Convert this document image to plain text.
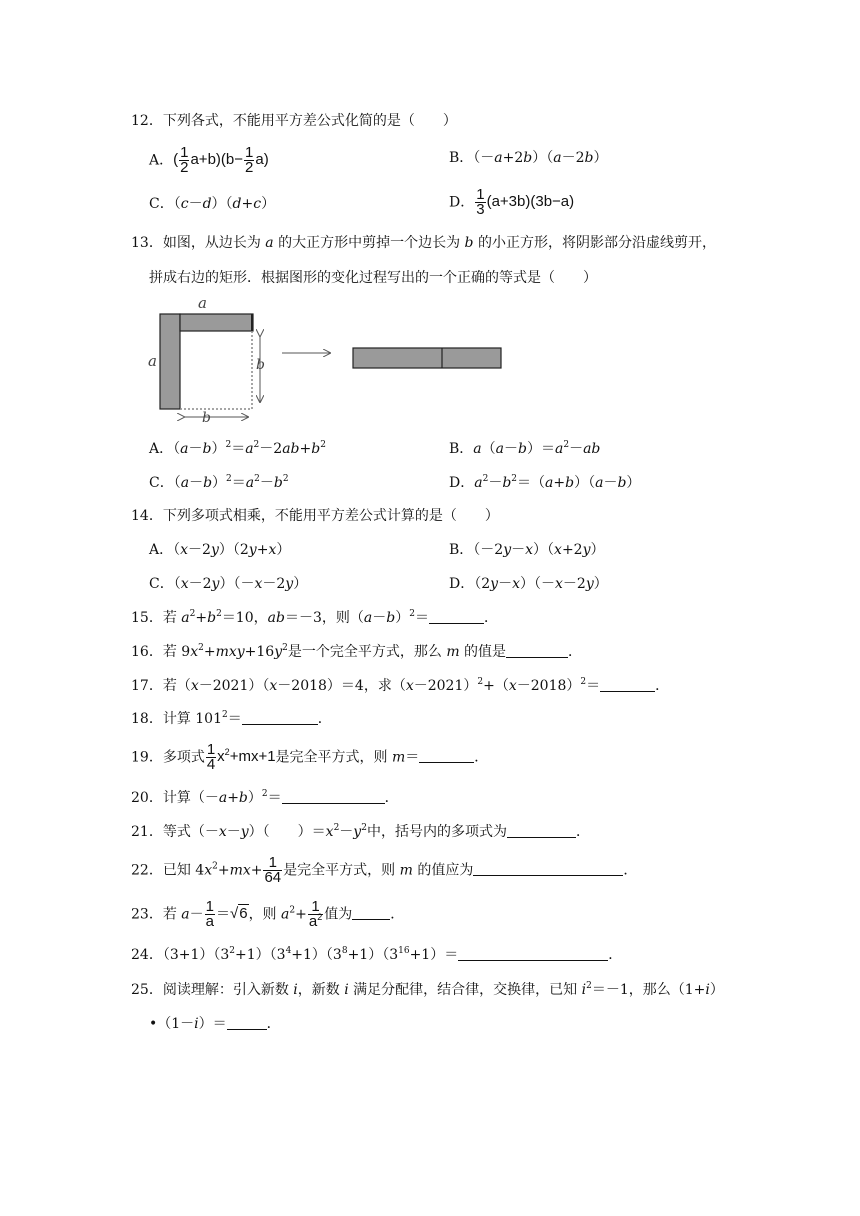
12．下列各式，不能用平方差公式化简的是（　　）
A．( $\frac{1}{2} a+b)(b- \frac{1}{2} a)$	B．（－a+2b）（a－2b）
C．（c－d）（d+c）	D． $\frac{1}{3} (a+3b)(3b-a)$
13．如图，从边长为 a 的大正方形中剪掉一个边长为 b 的小正方形，将阴影部分沿虚线剪开，
拼成右边的矩形．根据图形的变化过程写出的一个正确的等式是（　　）
a
a	b
b
A．$(a-b)^2=a^2-2ab+b^2$	B．$a(a-b)=a^2-ab$
C．$(a-b)^2=a^2-b^2$	D．$a^2-b^2=(a+b)(a-b)$
14．下列多项式相乘，不能用平方差公式计算的是（　　）
A．（x－2y）（2y+x）	B．（－2y－x）（x+2y）
C．（x－2y）（－x－2y）	D．（2y－x）（－x－2y）
15．若 $a^2+b^2=10$，ab＝－3，则$(a-b)^2=$	．
16．若 $9x^2+mxy+16y^2$是一个完全平方式，那么 m 的值是	．
17．若（x－2021）（x－2018）＝4，求$(x-2021)^2+(x-2018)^2=$	．
18．计算 $101^2=$	．
19．多项式 $\frac{1}{4} x^2+mx+1$是完全平方式，则 m＝	．
20．计算$(-a+b)^2=$	．
21．等式（－x－y）（　　）$=x^2-y^2$中，括号内的多项式为	．
22．已知 $4x^2+mx+ \frac{1}{64}$ 是完全平方式，则 m 的值应为	．
23．若 $a- \frac{1}{a} =√6$，则 $a^2+ \frac{1}{a^2}$ 值为	．
24．$(3+1)(3^2+1)(3^4+1)(3^8+1)(3^{16}+1)=$	．
25．阅读理解：引入新数 i，新数 i 满足分配律，结合律，交换律，已知 $i^2=-1$，那么（1+i）
•（1－i）＝	．
